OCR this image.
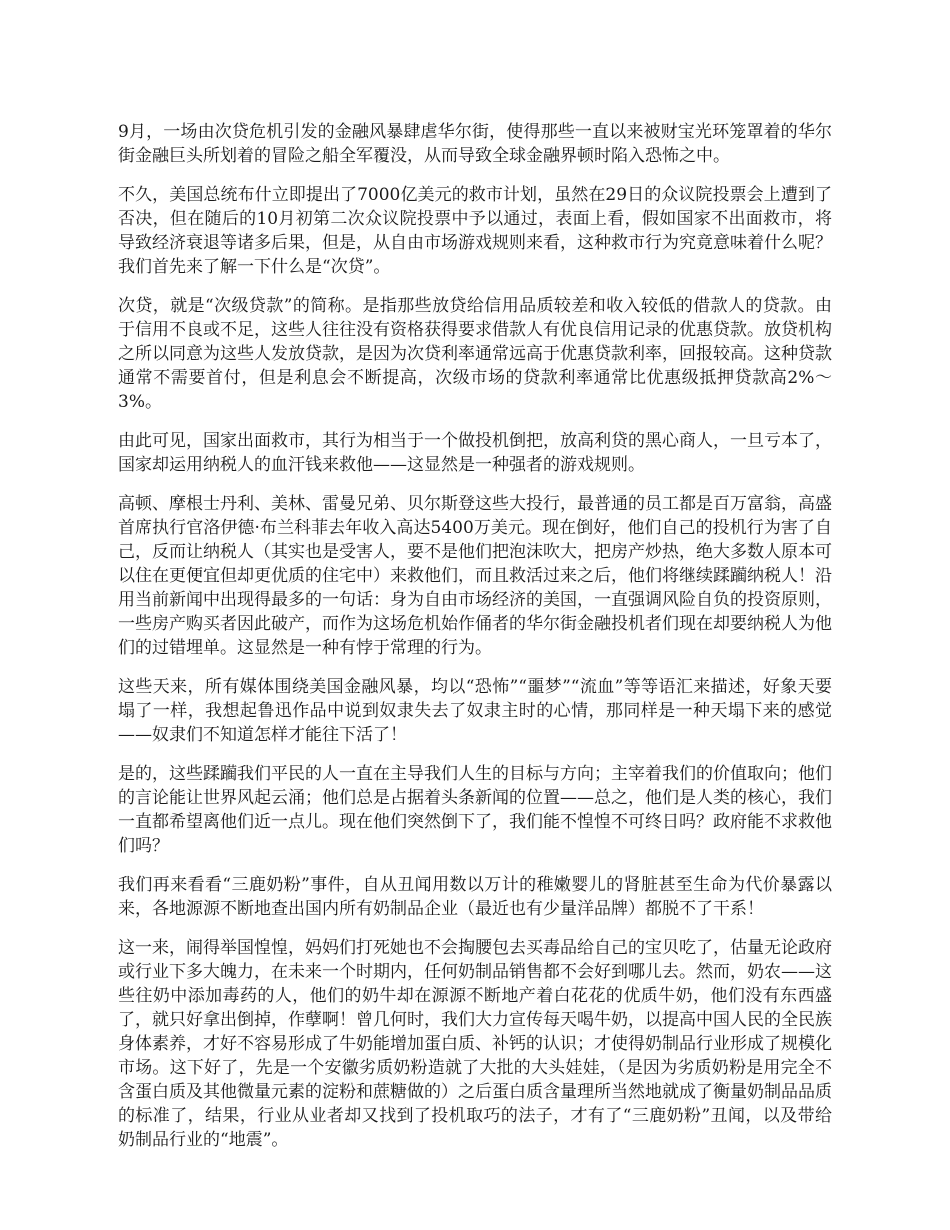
9月，一场由次贷危机引发的金融风暴肆虐华尔街，使得那些一直以来被财宝光环笼罩着的华尔街金融巨头所划着的冒险之船全军覆没，从而导致全球金融界顿时陷入恐怖之中。

不久，美国总统布什立即提出了7000亿美元的救市计划，虽然在29日的众议院投票会上遭到了否决，但在随后的10月初第二次众议院投票中予以通过，表面上看，假如国家不出面救市，将导致经济衰退等诸多后果，但是，从自由市场游戏规则来看，这种救市行为究竟意味着什么呢？我们首先来了解一下什么是“次贷”。

次贷，就是“次级贷款”的简称。是指那些放贷给信用品质较差和收入较低的借款人的贷款。由于信用不良或不足，这些人往往没有资格获得要求借款人有优良信用记录的优惠贷款。放贷机构之所以同意为这些人发放贷款，是因为次贷利率通常远高于优惠贷款利率，回报较高。这种贷款通常不需要首付，但是利息会不断提高，次级市场的贷款利率通常比优惠级抵押贷款高2%～3%。

由此可见，国家出面救市，其行为相当于一个做投机倒把，放高利贷的黑心商人，一旦亏本了，国家却运用纳税人的血汗钱来救他——这显然是一种强者的游戏规则。

高顿、摩根士丹利、美林、雷曼兄弟、贝尔斯登这些大投行，最普通的员工都是百万富翁，高盛首席执行官洛伊德·布兰科菲去年收入高达5400万美元。现在倒好，他们自己的投机行为害了自己，反而让纳税人（其实也是受害人，要不是他们把泡沫吹大，把房产炒热，绝大多数人原本可以住在更便宜但却更优质的住宅中）来救他们，而且救活过来之后，他们将继续蹂躏纳税人！沿用当前新闻中出现得最多的一句话：身为自由市场经济的美国，一直强调风险自负的投资原则，一些房产购买者因此破产，而作为这场危机始作俑者的华尔街金融投机者们现在却要纳税人为他们的过错埋单。这显然是一种有悖于常理的行为。

这些天来，所有媒体围绕美国金融风暴，均以“恐怖”“噩梦”“流血”等等语汇来描述，好象天要塌了一样，我想起鲁迅作品中说到奴隶失去了奴隶主时的心情，那同样是一种天塌下来的感觉——奴隶们不知道怎样才能往下活了！

是的，这些蹂躏我们平民的人一直在主导我们人生的目标与方向；主宰着我们的价值取向；他们的言论能让世界风起云涌；他们总是占据着头条新闻的位置——总之，他们是人类的核心，我们一直都希望离他们近一点儿。现在他们突然倒下了，我们能不惶惶不可终日吗？政府能不求救他们吗？

我们再来看看“三鹿奶粉”事件，自从丑闻用数以万计的稚嫩婴儿的肾脏甚至生命为代价暴露以来，各地源源不断地查出国内所有奶制品企业（最近也有少量洋品牌）都脱不了干系！

这一来，闹得举国惶惶，妈妈们打死她也不会掏腰包去买毒品给自己的宝贝吃了，估量无论政府或行业下多大魄力，在未来一个时期内，任何奶制品销售都不会好到哪儿去。然而，奶农——这些往奶中添加毒药的人，他们的奶牛却在源源不断地产着白花花的优质牛奶，他们没有东西盛了，就只好拿出倒掉，作孽啊！曾几何时，我们大力宣传每天喝牛奶，以提高中国人民的全民族身体素养，才好不容易形成了牛奶能增加蛋白质、补钙的认识；才使得奶制品行业形成了规模化市场。这下好了，先是一个安徽劣质奶粉造就了大批的大头娃娃，（是因为劣质奶粉是用完全不含蛋白质及其他微量元素的淀粉和蔗糖做的）之后蛋白质含量理所当然地就成了衡量奶制品品质的标准了，结果，行业从业者却又找到了投机取巧的法子，才有了“三鹿奶粉”丑闻，以及带给奶制品行业的“地震”。
